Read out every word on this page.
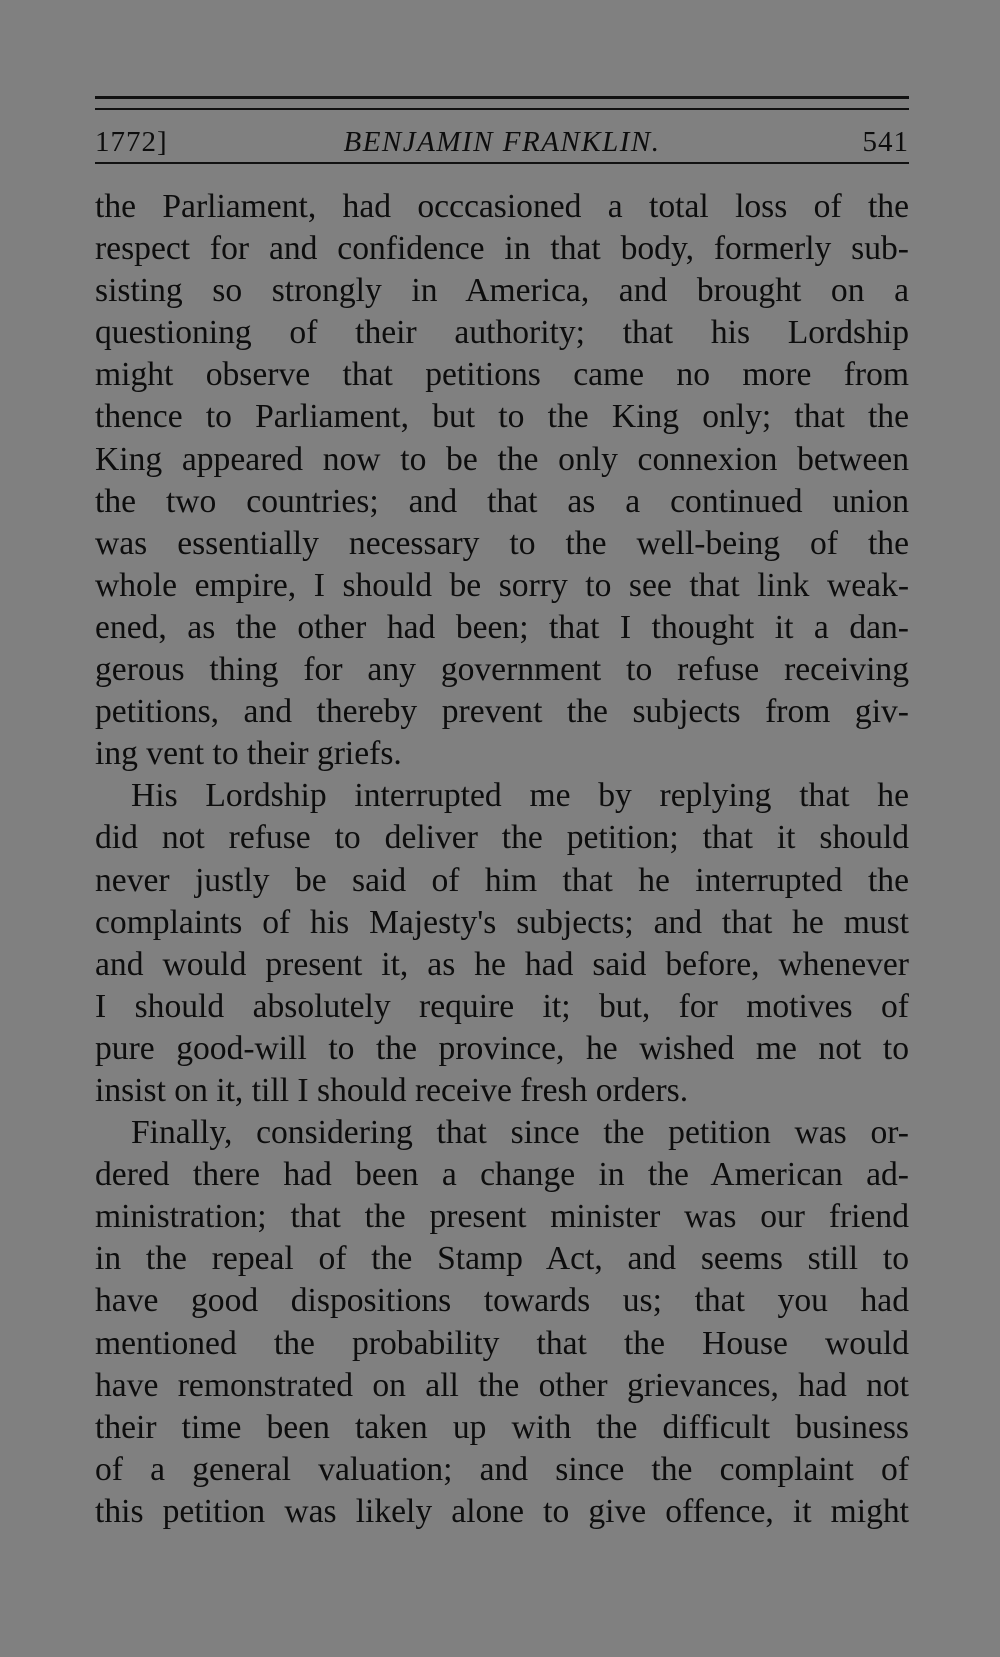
1772]	BENJAMIN FRANKLIN.	541
the Parliament, had occcasioned a total loss of the
respect for and confidence in that body, formerly sub-
sisting so strongly in America, and brought on a
questioning of their authority; that his Lordship
might observe that petitions came no more from
thence to Parliament, but to the King only; that the
King appeared now to be the only connexion between
the two countries; and that as a continued union
was essentially necessary to the well-being of the
whole empire, I should be sorry to see that link weak-
ened, as the other had been; that I thought it a dan-
gerous thing for any government to refuse receiving
petitions, and thereby prevent the subjects from giv-
ing vent to their griefs.
His Lordship interrupted me by replying that he
did not refuse to deliver the petition; that it should
never justly be said of him that he interrupted the
complaints of his Majesty's subjects; and that he must
and would present it, as he had said before, whenever
I should absolutely require it; but, for motives of
pure good-will to the province, he wished me not to
insist on it, till I should receive fresh orders.
Finally, considering that since the petition was or-
dered there had been a change in the American ad-
ministration; that the present minister was our friend
in the repeal of the Stamp Act, and seems still to
have good dispositions towards us; that you had
mentioned the probability that the House would
have remonstrated on all the other grievances, had not
their time been taken up with the difficult business
of a general valuation; and since the complaint of
this petition was likely alone to give offence, it might
